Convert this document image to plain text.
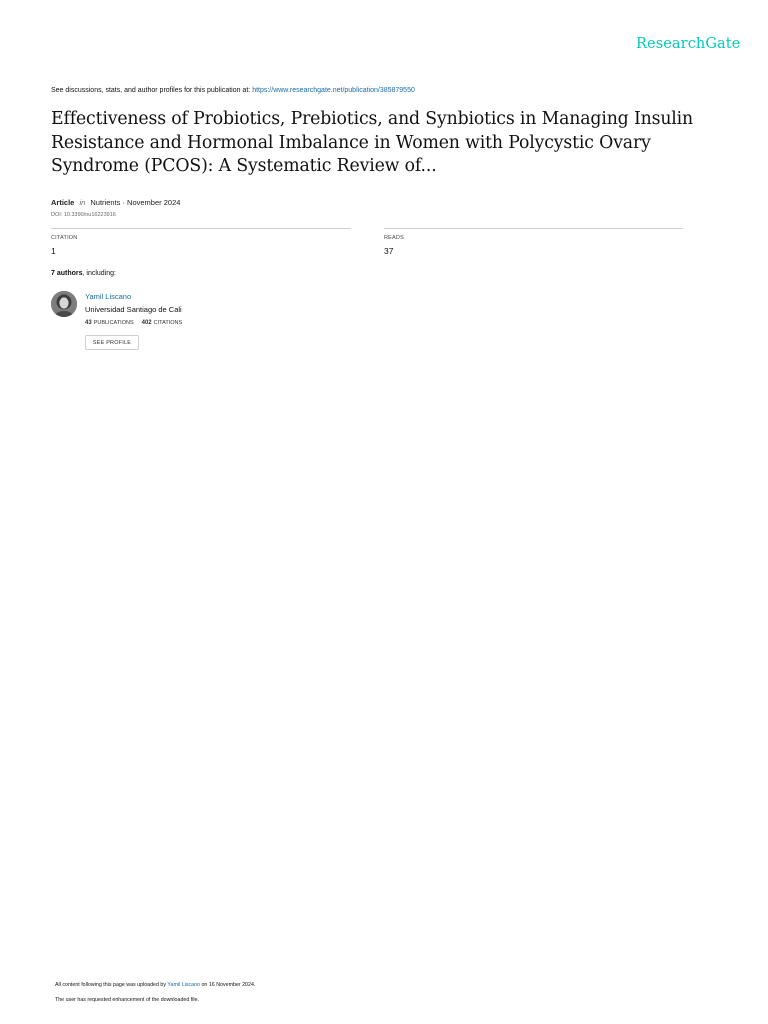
ResearchGate
See discussions, stats, and author profiles for this publication at: https://www.researchgate.net/publication/385879550
Effectiveness of Probiotics, Prebiotics, and Synbiotics in Managing Insulin Resistance and Hormonal Imbalance in Women with Polycystic Ovary Syndrome (PCOS): A Systematic Review of...
Article in Nutrients · November 2024
DOI: 10.3390/nu16223916
CITATION
1
READS
37
7 authors, including:
Yamil Liscano
Universidad Santiago de Cali
43 PUBLICATIONS 402 CITATIONS
SEE PROFILE
All content following this page was uploaded by Yamil Liscano on 16 November 2024.
The user has requested enhancement of the downloaded file.
